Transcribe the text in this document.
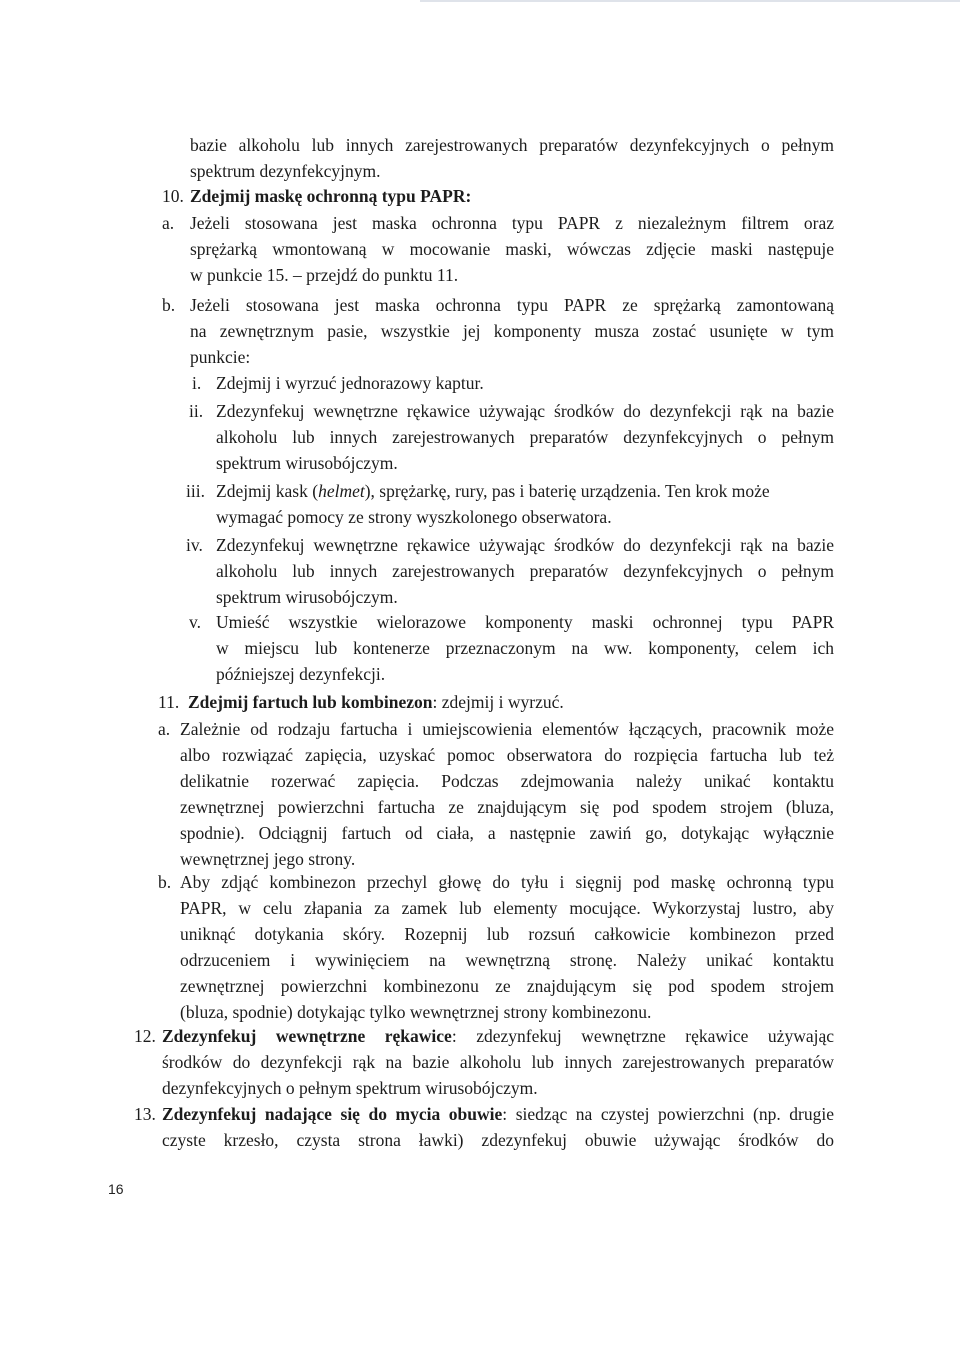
bazie alkoholu lub innych zarejestrowanych preparatów dezynfekcyjnych o pełnym
spektrum dezynfekcyjnym.
10. Zdejmij maskę ochronną typu PAPR:
a. Jeżeli stosowana jest maska ochronna typu PAPR z niezależnym filtrem oraz
sprężarką wmontowaną w mocowanie maski, wówczas zdjęcie maski następuje
w punkcie 15. – przejdź do punktu 11.
b. Jeżeli stosowana jest maska ochronna typu PAPR ze sprężarką zamontowaną
na zewnętrznym pasie, wszystkie jej komponenty musza zostać usunięte w tym
punkcie:
i. Zdejmij i wyrzuć jednorazowy kaptur.
ii. Zdezynfekuj wewnętrzne rękawice używając środków do dezynfekcji rąk na bazie
alkoholu lub innych zarejestrowanych preparatów dezynfekcyjnych o pełnym
spektrum wirusobójczym.
iii. Zdejmij kask (helmet), sprężarkę, rury, pas i baterię urządzenia. Ten krok może
wymagać pomocy ze strony wyszkolonego obserwatora.
iv. Zdezynfekuj wewnętrzne rękawice używając środków do dezynfekcji rąk na bazie
alkoholu lub innych zarejestrowanych preparatów dezynfekcyjnych o pełnym
spektrum wirusobójczym.
v. Umieść wszystkie wielorazowe komponenty maski ochronnej typu PAPR
w miejscu lub kontenerze przeznaczonym na ww. komponenty, celem ich
późniejszej dezynfekcji.
11. Zdejmij fartuch lub kombinezon: zdejmij i wyrzuć.
a. Zależnie od rodzaju fartucha i umiejscowienia elementów łączących, pracownik może
albo rozwiązać zapięcia, uzyskać pomoc obserwatora do rozpięcia fartucha lub też
delikatnie rozerwać zapięcia. Podczas zdejmowania należy unikać kontaktu
zewnętrznej powierzchni fartucha ze znajdującym się pod spodem strojem (bluza,
spodnie). Odciągnij fartuch od ciała, a następnie zawiń go, dotykając wyłącznie
wewnętrznej jego strony.
b. Aby zdjąć kombinezon przechyl głowę do tyłu i sięgnij pod maskę ochronną typu
PAPR, w celu złapania za zamek lub elementy mocujące. Wykorzystaj lustro, aby
uniknąć dotykania skóry. Rozepnij lub rozsuń całkowicie kombinezon przed
odrzuceniem i wywinięciem na wewnętrzną stronę. Należy unikać kontaktu
zewnętrznej powierzchni kombinezonu ze znajdującym się pod spodem strojem
(bluza, spodnie) dotykając tylko wewnętrznej strony kombinezonu.
12. Zdezynfekuj wewnętrzne rękawice: zdezynfekuj wewnętrzne rękawice używając
środków do dezynfekcji rąk na bazie alkoholu lub innych zarejestrowanych preparatów
dezynfekcyjnych o pełnym spektrum wirusobójczym.
13. Zdezynfekuj nadające się do mycia obuwie: siedząc na czystej powierzchni (np. drugie
czyste krzesło, czysta strona ławki) zdezynfekuj obuwie używając środków do
16
